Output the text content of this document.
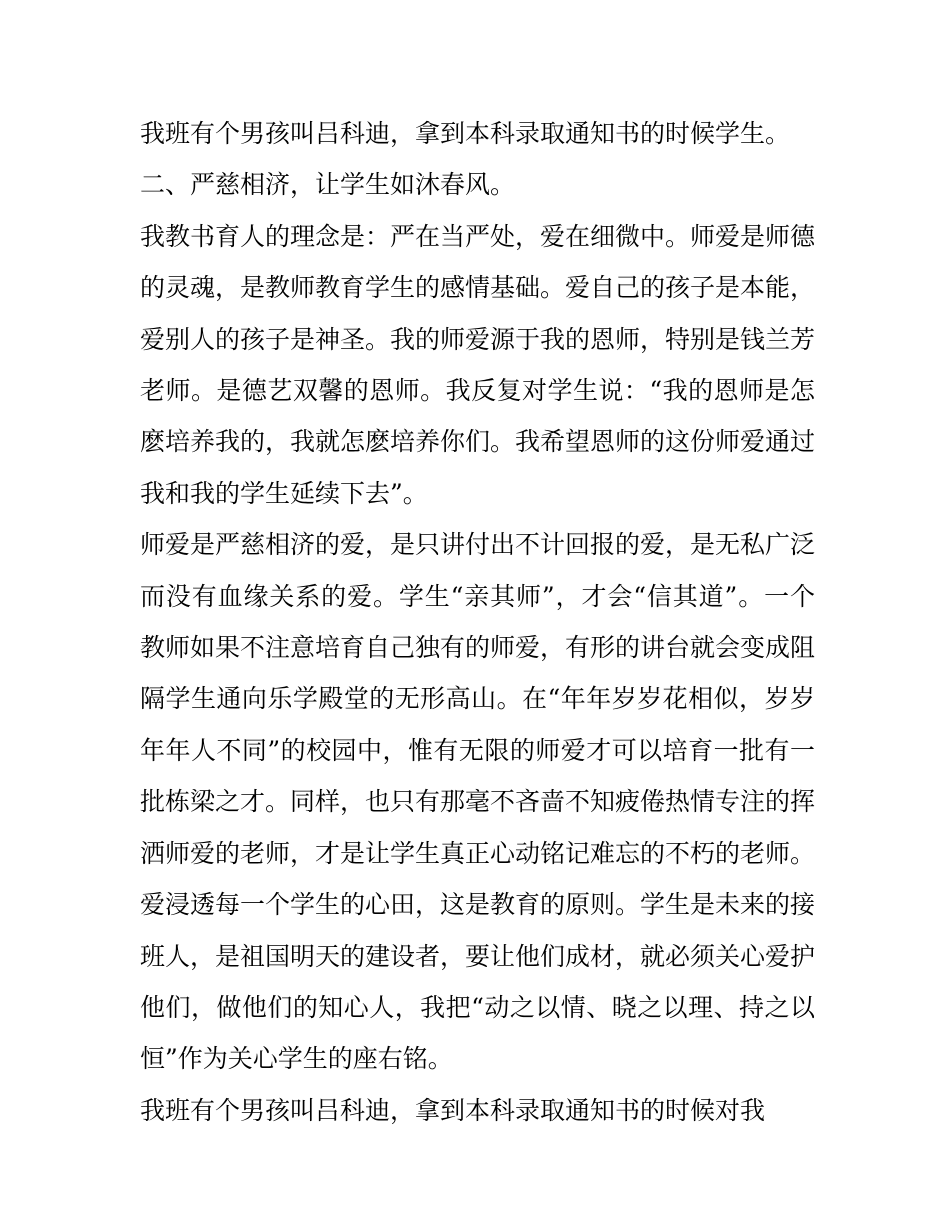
我班有个男孩叫吕科迪，拿到本科录取通知书的时候学生。

二、严慈相济，让学生如沐春风。

我教书育人的理念是：严在当严处，爱在细微中。师爱是师德的灵魂，是教师教育学生的感情基础。爱自己的孩子是本能，爱别人的孩子是神圣。我的师爱源于我的恩师，特别是钱兰芳老师。是德艺双馨的恩师。我反复对学生说：“我的恩师是怎麽培养我的，我就怎麽培养你们。我希望恩师的这份师爱通过我和我的学生延续下去”。

师爱是严慈相济的爱，是只讲付出不计回报的爱，是无私广泛而没有血缘关系的爱。学生“亲其师”，才会“信其道”。一个教师如果不注意培育自己独有的师爱，有形的讲台就会变成阻隔学生通向乐学殿堂的无形高山。在“年年岁岁花相似，岁岁年年人不同”的校园中，惟有无限的师爱才可以培育一批有一批栋梁之才。同样，也只有那毫不吝啬不知疲倦热情专注的挥洒师爱的老师，才是让学生真正心动铭记难忘的不朽的老师。爱浸透每一个学生的心田，这是教育的原则。学生是未来的接班人，是祖国明天的建设者，要让他们成材，就必须关心爱护他们，做他们的知心人，我把“动之以情、晓之以理、持之以恒”作为关心学生的座右铭。

我班有个男孩叫吕科迪，拿到本科录取通知书的时候对我
